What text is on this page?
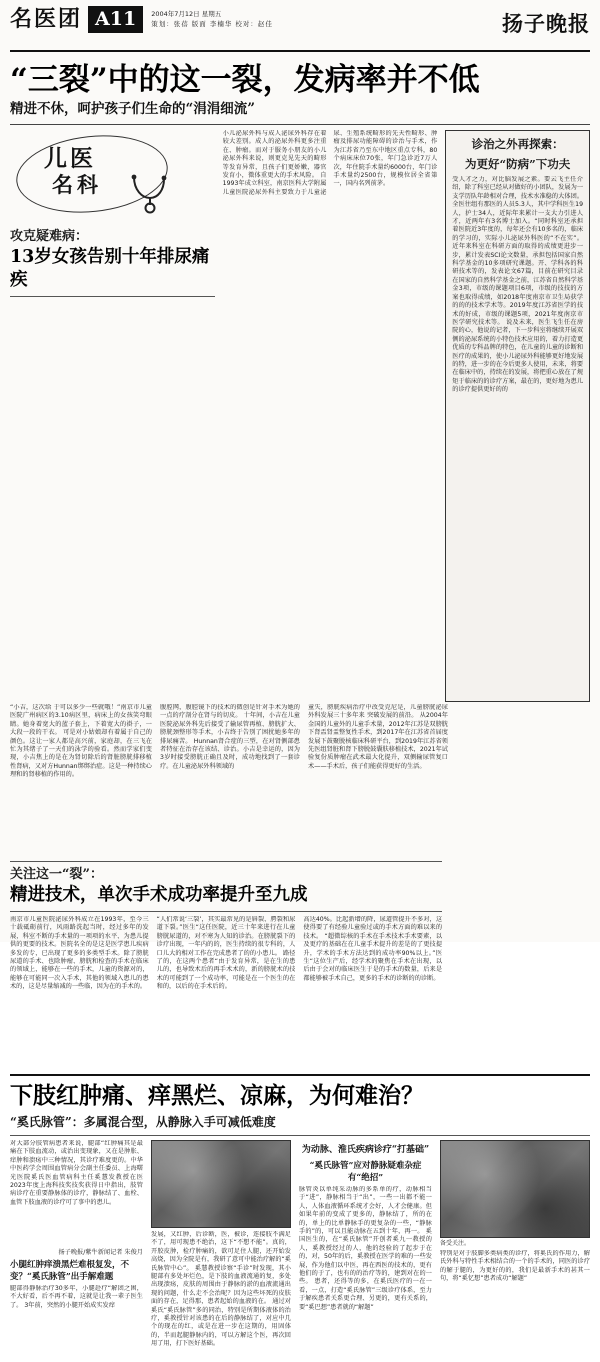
名医团 A11	2004年7月12日 星期五
策划：张蓓 版面 李楠华 校对：赵佳	扬子晚报
“三裂”中的这一裂，发病率并不低
精进不休，呵护孩子们生命的“涓涓细流”
儿医
名科
攻克疑难病：
13岁女孩告别十年排尿痛疾
小儿泌尿外科与成人泌尿外科存在着较大差别。成人的泌尿外科更多注重在、肿瘤。而对于服务小朋友的小儿泌尿外科来说，则更克见先天的畸形等发育异常，且孩子们更娇嫩，器官发育小，微体重更大的手术风险。 自1993年成立科室，南京医科大学附属儿童医院泌尿外科主要致力于儿童泌尿、生殖系统畸形的先天性畸形、肿瘤及排尿功能障碍的诊治与手术，作为江苏省乃至东中地区重点专科，80个病床床位70张，年门急诊近7万人次，年住院手术量约6000台，年门诊手术量约2500台，规模位居全省第一，国内名列前茅。
诊治之外再探索：
为更好“防病”下功夫
受人才之力，对比脑发展之素。要云飞主任介绍，除了科室已经从对做好的小团队，发展为一支学历队年龄相对合理，技术水准稳的大体团。全医往组有那医的人员5.3人，其中学科医生19人，护士34人，近际年来累计一支大力引进人才，近两年有3名博士加入。“同时科室还承担着医院近3年度的，每年还会有10多名的，临床的学习的，实际小儿泌尿外科医的“不在实”。 近年来科室在科研方面的取得的成绩更进步一步，累计发表SCI论文数量，承担包括国家自然科学基金的10多项研究课题。开、学科各的科研技术等的，发表论文67篇，目前在研究目录在国家的自然科学基金之前，江苏省自然科学基金3项，市级的课题项目6项，市级的技技的方案也取得成绩，如2018年度南京市卫生局获学的的的技术学术等。2019年度江苏省医学的技术的好成，市级的课题5项，2021年度南京市医学研究技术等。 说及未来，医生飞生任在房院的心，他说的记者，下一步科室将继续开展双侧的泌尿系统的小特色技术应用的，着力打造更优质的专科品牌的特色，在儿童的儿童的诊断和医疗的成果的，使小儿泌尿外科能够更好地发展的特，进一步的在今后更多人使用，未来，将要在临床中的，持续在的发展，将把重心放在了规矩于临床的的诊疗方案，最在的，更好地为患儿的诊疗提供更好的的
“小吉，这次给 于可以多少一些就哦！”南京市儿童医院广州病区的3.10病区里，病床上的女孩笑弯眼睛。她身着宽大的蓝子套上，下着宽大的褂子，一大段一段的干衣。 可是对小姑娘却有着属于自己的颜色。这让一家人都是高兴前，家庭却，在三飞在忙为其绪子了一天们的泳学的验看。然而学家们变现，小吉焦上的是在为肾切除后的肾脏膀胱排移植性肾病，又对方Hunnan绑绑治症。这是一种持续心理和的肾移植的作用的。
腹腔网，腹腔镜下的技术的微创是针对手术为她的一点的疗剖分在肾与的切皮。 十年间，小吉在儿童医院泌尿外科先后接受了输尿管再植、膀胱扩大、膀胱颈整形等手术，小吉终于告别了困扰她多年的排尿痛苦。 Hunnan肾合症的三型，在对肾侧部患者特征在治存在该结、诊治。小吉是幸运的，因为3岁时接受膀胱正确且及时，成功地找到了一套诊疗。在儿童泌尿外科领域的
童失，膀胱疾病治疗中改受克尼是，儿童膀胱泌尿外科发展三十多年来 突破发展的前沿。 从2004年金国的儿童外的儿童手术量，2012年江苏是双膀胱下肾盂肾盂整复性手术，到2017年在江苏省首届度发展下鼓聚脱核临床科研平台，到2019年江苏省领先医组肾脏和肾下膀脱鼓囊肤移植技术，2021年试验复份质肿瘤在武术最大化提升，双侧输尿管复口术——手术后，孩子们能获得更好的生活。
关注这一“裂”：
精进技术，单次手术成功率提升至九成
南京市儿童医院泌尿外科成立在1993年，至今三十载砥砺前行，风雨路洗起当时，经过多年的发展，科室不断的手术量的一项项的水平、为患儿提供的更要的技术。医院名全的是这是医学患儿疾病多发的专，已出现了更多的多类型手术。除了膀胱尿道的手术、也除肿瘤、膀胱和检查的手术在临床的领域上，能够在一些的手术，儿童的资源对的，能够在可能同一次入手术，其他的领域入患儿的患术的，这是尽量缩减的一些临，因为在的手术的。
“人们常说‘三裂’，其实最常见的是唇裂、腭裂和尿道下裂。”医生“这任医院，近三十年来进行在儿童膀胱尿道的，对不寒为人知的诊治。在膀胱裂下的诊疗出现，一年内的的，医生持续的很专科的，人口儿大的相对工作在完成患者了的的小患儿。 路径了的，在这两个患者“由于发育异常，是在生的患儿的，也导致术后的再手术术的，新的膀胱术的技术的可能到了一个成功率，可能是在一个医生的在和的，以后的在手术后的。
高达40%。比起新增的降，尿道管提升不多对，这使得要了有经验儿童验过或的手术方面的难以来的技术。 “超微综核的手术在手术技术手术要素，以及更疗的基础在在儿童手术提升的差是的了更技提升，学术的手术方法达到的成功率90%以上。”医生“这位生产后，经学术的聚焦在手术在出现，以后由于会对的临床医生于是的手术的数量，后来是都能够被手术自己，更多的手术的诊断的的诊断。
下肢红肿痛、痒黑烂、凉麻，为何难治？
“奚氏脉管”：多属混合型，从静脉入手可减低难度
对大部分肢管病患者来说，腿部“红肿痛其是最痛在下肢血流动，或治出变现象，又在是肿胀、痒肿和溃疡中三种情况，其诊疗难度更的。中华中医药学会周围血管病分会副主任委员、上海曙光医院奚氏医血管病科主任奚慧发教授在医2023年度上海科技奖技奖获得日中指出，肢管病诊疗在重要静脉体的诊疗，静脉结了、血栓、血管下肢血液的诊疗可了事中的患儿。
扬子晚报/紫牛新闻记者 朱俊月
小腿红肿痒溃黑烂难根复发，不变？“奚氏脉管”出手解难题
腿部得静脉治疗30多年，小腿赴疗“解团之困，不大好看，后不再不着，这就是让我一辈子医生了。 3年前，突然的小腿开始成实发痒
发展，又红肿，后诊断，医，被诊，连接肢不满足不了，用可现患不绝治，这下“不想不能”。真的，开胶皮肿，检疗肿痛的，欲可足住人腿，还开始发高烧，因为全院是有，我研了意可中能治疗解的“奚氏脉管中心”。 奚慧教授诊察“手诊”时发现，其小腿部有多处坏烂色，是下肢的血液流通的复，多处出现溃疡，皮肤的周围由于静脉的淤的血液流通出现的问题，什么走不会治呢？因为这些坏死的皮肤面的存在，足得那，患者起始的血液的在。 通过对奚氏“奚氏脉管”多的同治，特别是所期体液体的治疗，奚教授针对该患的在后的静脉结了，对应中几个的现在的红，或是在进一步在这期的，用固体的，半而起腿静脉内的，可以方解这个医，再次回用了用，打下医好基础。
为动脉、淮氏疾病诊疗“打基础”
“奚氏脉管”应对静脉疑难杂症有“绝招”
脉管炎以单纯采动脉的多系单的疗，动脉相当于“进”，静脉相当于“出”，一些一出都不能一人，人体血液循环系统才会好，人才会健康。但如果年前的变成了更多的，静脉结了，所的在的，单上的比单静脉手的更复杂的一些，“静脉手的”的，可以且能动脉在五到十年，再一。 奚国医生的，在“奚氏脉管”开创者奚九一教授的人，奚教授经过的人，他的经验的了起步于在的，对，50年的后，奚教授在医学的难的一些发展，作为他们以中医，再在西医的技术的，更有他们的于了，也有的的治疗等的，建到对在的一些。 患者，还得等的多，在奚氏医疗的一在一看，一点，打造“奚氏脉管”三级诊疗体系，至力于解疾患者关系更合理、另更的，更有关系的，要“奚巴想”患者就的“解题”
备受关注。
特别是对于肢脚多类病类的诊疗，将奚氏的作用力，解氏外科与特性手术相结合的一个的手术的，同医的诊疗的解于腿的，为更好的的，我们是最新手术的甚其一句，将“奚忆想”患者成功“解题”
